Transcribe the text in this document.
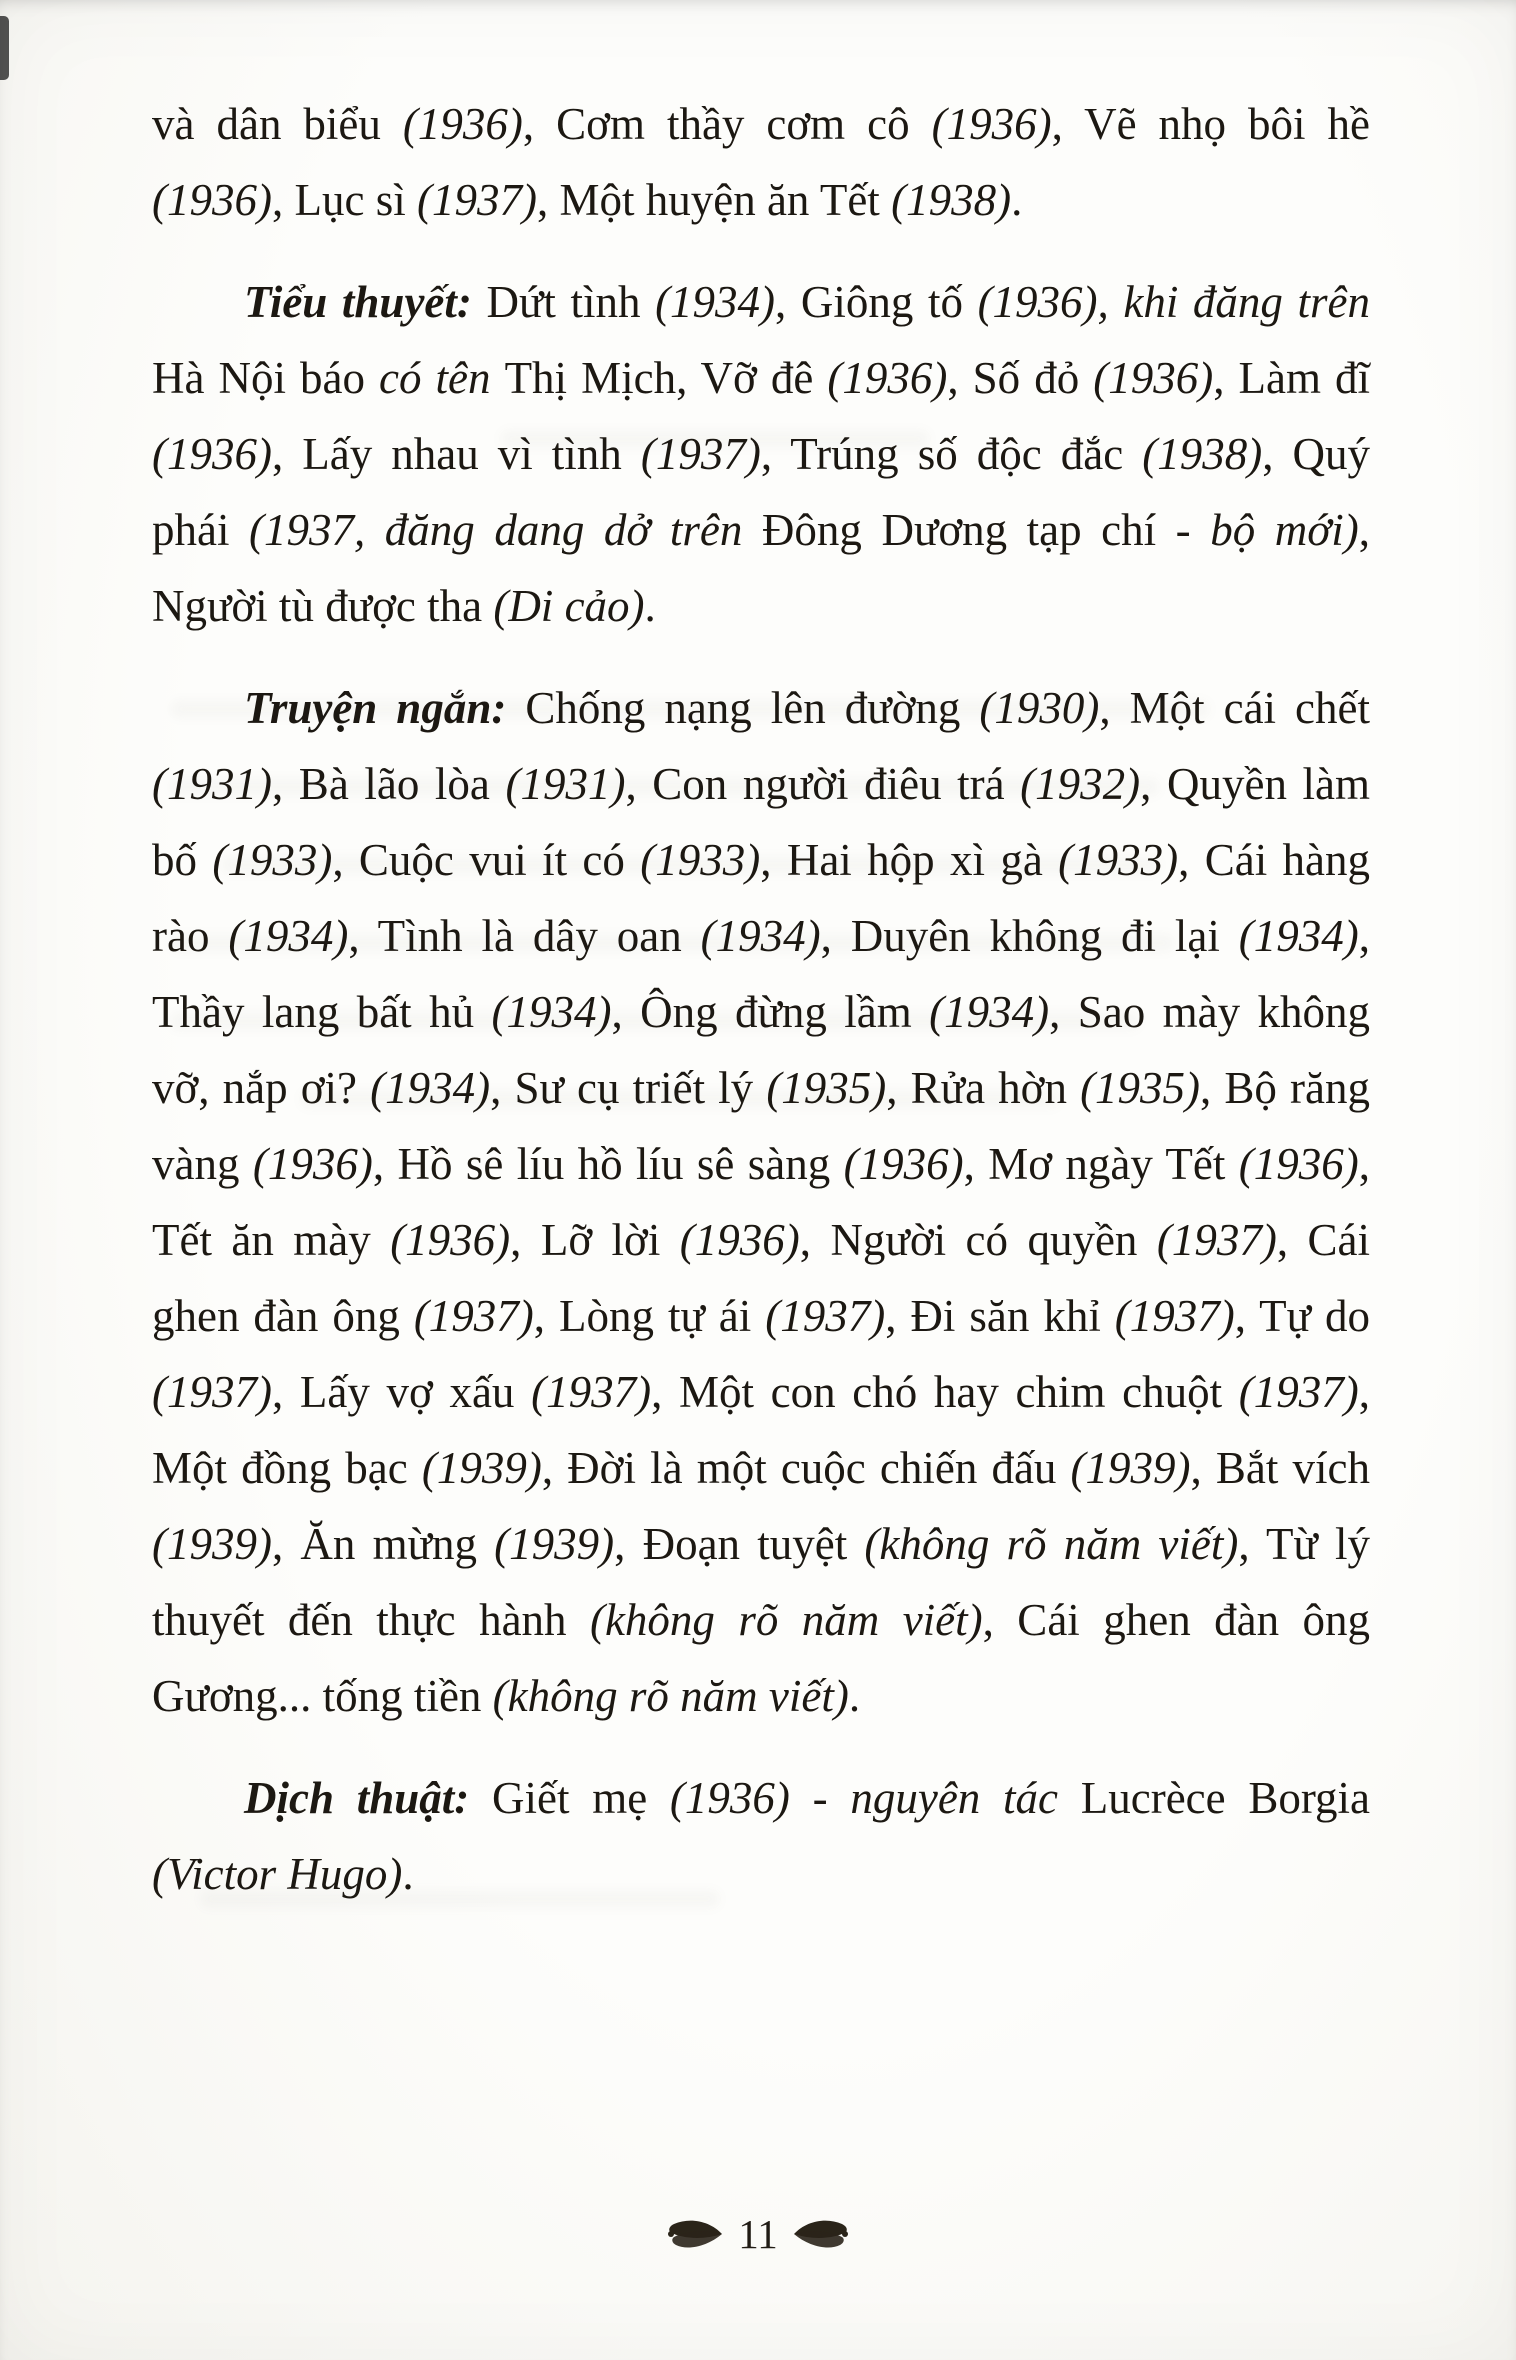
và dân biểu (1936), Cơm thầy cơm cô (1936), Vẽ nhọ bôi hề (1936), Lục sì (1937), Một huyện ăn Tết (1938).

Tiểu thuyết: Dứt tình (1934), Giông tố (1936), khi đăng trên Hà Nội báo có tên Thị Mịch, Vỡ đê (1936), Số đỏ (1936), Làm đĩ (1936), Lấy nhau vì tình (1937), Trúng số độc đắc (1938), Quý phái (1937, đăng dang dở trên Đông Dương tạp chí - bộ mới), Người tù được tha (Di cảo).

Truyện ngắn: Chống nạng lên đường (1930), Một cái chết (1931), Bà lão lòa (1931), Con người điêu trá (1932), Quyền làm bố (1933), Cuộc vui ít có (1933), Hai hộp xì gà (1933), Cái hàng rào (1934), Tình là dây oan (1934), Duyên không đi lại (1934), Thầy lang bất hủ (1934), Ông đừng lầm (1934), Sao mày không vỡ, nắp ơi? (1934), Sư cụ triết lý (1935), Rửa hờn (1935), Bộ răng vàng (1936), Hồ sê líu hồ líu sê sàng (1936), Mơ ngày Tết (1936), Tết ăn mày (1936), Lỡ lời (1936), Người có quyền (1937), Cái ghen đàn ông (1937), Lòng tự ái (1937), Đi săn khỉ (1937), Tự do (1937), Lấy vợ xấu (1937), Một con chó hay chim chuột (1937), Một đồng bạc (1939), Đời là một cuộc chiến đấu (1939), Bắt vích (1939), Ăn mừng (1939), Đoạn tuyệt (không rõ năm viết), Từ lý thuyết đến thực hành (không rõ năm viết), Cái ghen đàn ông Gương... tống tiền (không rõ năm viết).

Dịch thuật: Giết mẹ (1936) - nguyên tác Lucrèce Borgia (Victor Hugo).

11
